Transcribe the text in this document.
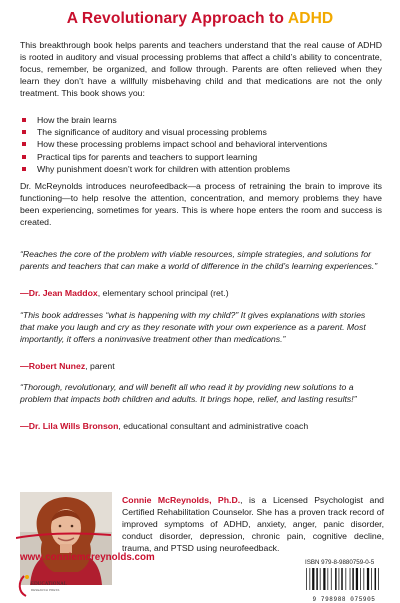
A Revolutionary Approach to ADHD
This breakthrough book helps parents and teachers understand that the real cause of ADHD is rooted in auditory and visual processing problems that affect a child’s ability to concentrate, focus, remember, be organized, and follow through. Parents are often relieved when they learn they don’t have a willfully misbehaving child and that medications are not the only treatment. This book shows you:
How the brain learns
The significance of auditory and visual processing problems
How these processing problems impact school and behavioral interventions
Practical tips for parents and teachers to support learning
Why punishment doesn’t work for children with attention problems
Dr. McReynolds introduces neurofeedback—a process of retraining the brain to improve its functioning—to help resolve the attention, concentration, and memory problems they have been experiencing, sometimes for years. This is where hope enters the room and success is created.
“Reaches the core of the problem with viable resources, simple strategies, and solutions for parents and teachers that can make a world of difference in the child’s learning experiences.”
—Dr. Jean Maddox, elementary school principal (ret.)
“This book addresses “what is happening with my child?” It gives explanations with stories that make you laugh and cry as they resonate with your own experience as a parent. Most importantly, it offers a noninvasive treatment other than medications.”
—Robert Nunez, parent
“Thorough, revolutionary, and will benefit all who read it by providing new solutions to a problem that impacts both children and adults. It brings hope, relief, and lasting results!”
—Dr. Lila Wills Bronson, educational consultant and administrative coach
Connie McReynolds, Ph.D., is a Licensed Psychologist and Certified Rehabilitation Counselor. She has a proven track record of improved symptoms of ADHD, anxiety, anger, panic disorder, conduct disorder, depression, chronic pain, cognitive decline, trauma, and PTSD using neurofeedback.
www.conniemcreynolds.com
EDUCATIONAL
RESEARCH PRESS
ISBN 979-8-9880759-0-5
9 798988 075905
